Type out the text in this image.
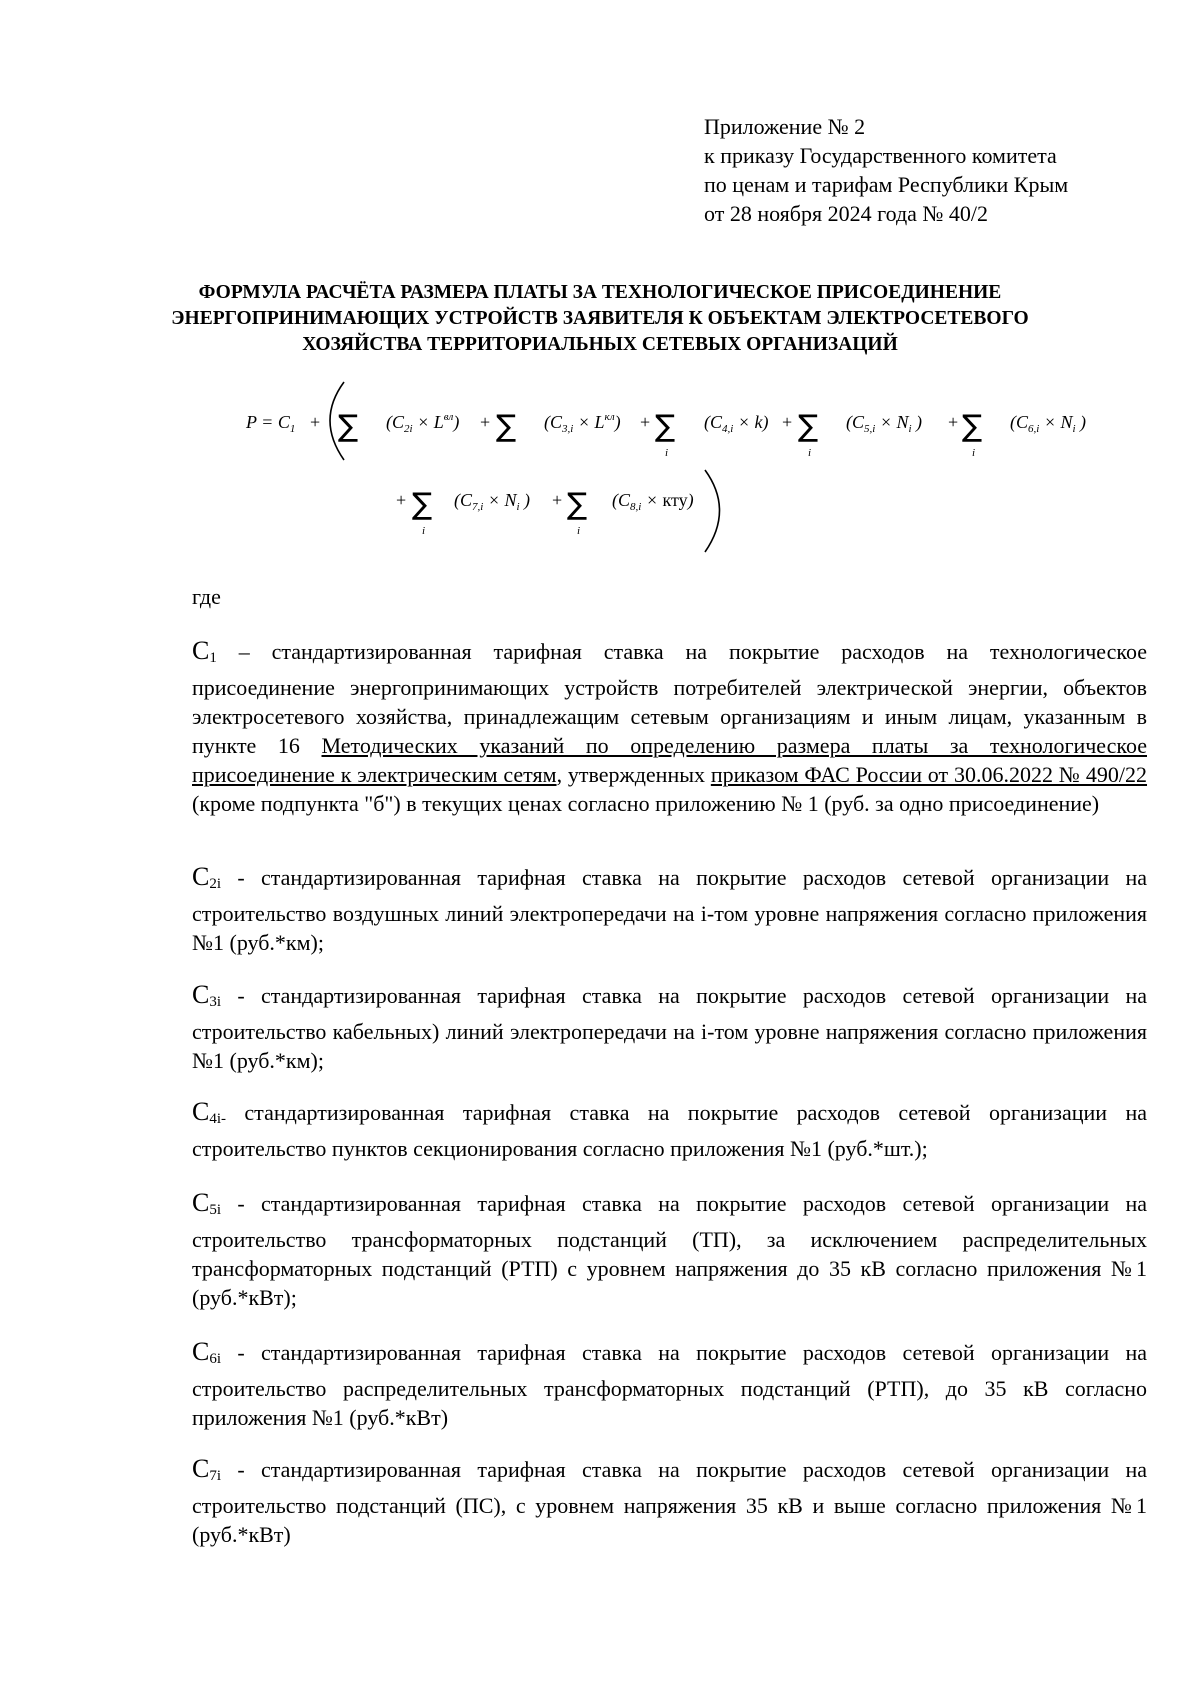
Приложение № 2
к приказу Государственного комитета
по ценам и тарифам Республики Крым
от 28 ноября 2024 года № 40/2
ФОРМУЛА РАСЧЁТА РАЗМЕРА ПЛАТЫ ЗА ТЕХНОЛОГИЧЕСКОЕ ПРИСОЕДИНЕНИЕ
ЭНЕРГОПРИНИМАЮЩИХ УСТРОЙСТВ ЗАЯВИТЕЛЯ К ОБЪЕКТАМ ЭЛЕКТРОСЕТЕВОГО
ХОЗЯЙСТВА ТЕРРИТОРИАЛЬНЫХ СЕТЕВЫХ ОРГАНИЗАЦИЙ
$P = C_1$ + ∑ $(C_{2i} \times L^{вл})$ + ∑ $(C_{3,i} \times L^{кл})$ + ∑
i
$(C_{4,i} \times k)$ + ∑
i
($C_{5,i} \times N_i$ ) + ∑
i
($C_{6,i} \times N_i$ )
+ ∑
i
($C_{7,i} \times N_i$ ) + ∑
i
$(C_{8,i} \times кту)$
где
С1 – стандартизированная тарифная ставка на покрытие расходов на технологическое присоединение энергопринимающих устройств потребителей электрической энергии, объектов электросетевого хозяйства, принадлежащим сетевым организациям и иным лицам, указанным в пункте 16 Методических указаний по определению размера платы за технологическое присоединение к электрическим сетям, утвержденных приказом ФАС России от 30.06.2022 № 490/22 (кроме подпункта "б") в текущих ценах согласно приложению № 1 (руб. за одно присоединение)
С2i - стандартизированная тарифная ставка на покрытие расходов сетевой организации на строительство воздушных линий электропередачи на i-том уровне напряжения согласно приложения №1 (руб.*км);
С3i - стандартизированная тарифная ставка на покрытие расходов сетевой организации на строительство кабельных) линий электропередачи на i-том уровне напряжения согласно приложения №1 (руб.*км);
С4i- стандартизированная тарифная ставка на покрытие расходов сетевой организации на строительство пунктов секционирования согласно приложения №1 (руб.*шт.);
С5i - стандартизированная тарифная ставка на покрытие расходов сетевой организации на строительство трансформаторных подстанций (ТП), за исключением распределительных трансформаторных подстанций (РТП) с уровнем напряжения до 35 кВ согласно приложения №1 (руб.*кВт);
С6i - стандартизированная тарифная ставка на покрытие расходов сетевой организации на строительство распределительных трансформаторных подстанций (РТП), до 35 кВ согласно приложения №1 (руб.*кВт)
С7i - стандартизированная тарифная ставка на покрытие расходов сетевой организации на строительство подстанций (ПС), с уровнем напряжения 35 кВ и выше согласно приложения №1 (руб.*кВт)
